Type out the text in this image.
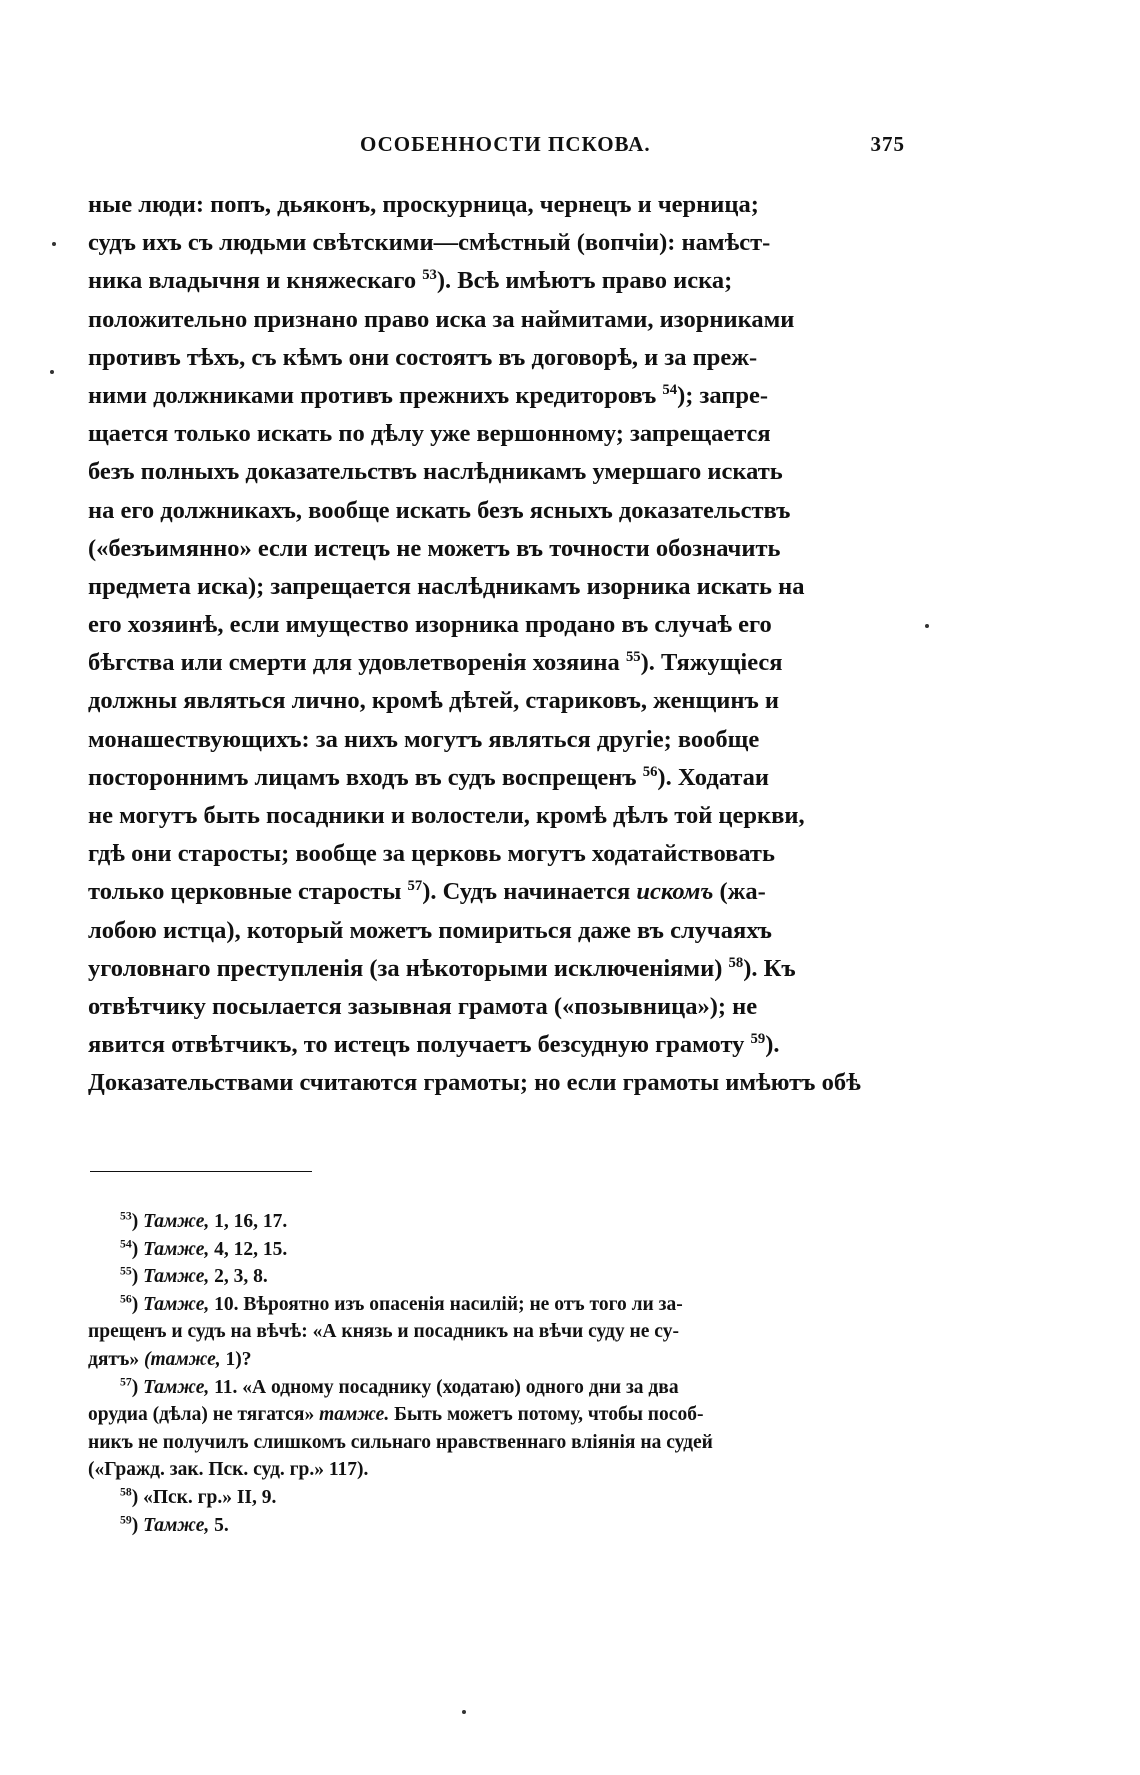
ОСОБЕННОСТИ ПСКОВА.	375
ные люди: попъ, дьяконъ, проскурница, чернецъ и черница;
судъ ихъ съ людьми свѣтскими—смѣстный (вопчiи): намѣст-
ника владычня и княжескаго $^{53}$). Всѣ имѣютъ право иска;
положительно признано право иска за наймитами, изорниками
противъ тѣхъ, съ кѣмъ они состоятъ въ договорѣ, и за преж-
ними должниками противъ прежнихъ кредиторовъ $^{54}$); запре-
щается только искать по дѣлу уже вершонному; запрещается
безъ полныхъ доказательствъ наслѣдникамъ умершаго искать
на его должникахъ, вообще искать безъ ясныхъ доказательствъ
(«безъимянно» если истецъ не можетъ въ точности обозначить
предмета иска); запрещается наслѣдникамъ изорника искать на
его хозяинѣ, если имущество изорника продано въ случаѣ его
бѣгства или смерти для удовлетворенiя хозяина $^{55}$). Тяжущiеся
должны являться лично, кромѣ дѣтей, стариковъ, женщинъ и
монашествующихъ: за нихъ могутъ являться другiе; вообще
постороннимъ лицамъ входъ въ судъ воспрещенъ $^{56}$). Ходатаи
не могутъ быть посадники и волостели, кромѣ дѣлъ той церкви,
гдѣ они старосты; вообще за церковь могутъ ходатайствовать
только церковные старосты $^{57}$). Судъ начинается искомъ (жа-
лобою истца), который можетъ помириться даже въ случаяхъ
уголовнаго преступленiя (за нѣкоторыми исключенiями) $^{58}$). Къ
отвѣтчику посылается зазывная грамота («позывница»); не
явится отвѣтчикъ, то истецъ получаетъ безсудную грамоту $^{59}$).
Доказательствами считаются грамоты; но если грамоты имѣютъ обѣ
$^{53}$) Тамже, 1, 16, 17.
$^{54}$) Тамже, 4, 12, 15.
$^{55}$) Тамже, 2, 3, 8.
$^{56}$) Тамже, 10. Вѣроятно изъ опасенiя насилiй; не отъ того ли за-
прещенъ и судъ на вѣчѣ: «А князь и посадникъ на вѣчи суду не су-
дятъ» (тамже, 1)?
$^{57}$) Тамже, 11. «А одному посаднику (ходатаю) одного дни за два
орудиа (дѣла) не тягатся» тамже. Быть можетъ потому, чтобы пособ-
никъ не получилъ слишкомъ сильнаго нравственнаго влiянiя на судей
(«Гражд. зак. Пск. суд. гр.» 117).
$^{58}$) «Пск. гр.» II, 9.
$^{59}$) Тамже, 5.
